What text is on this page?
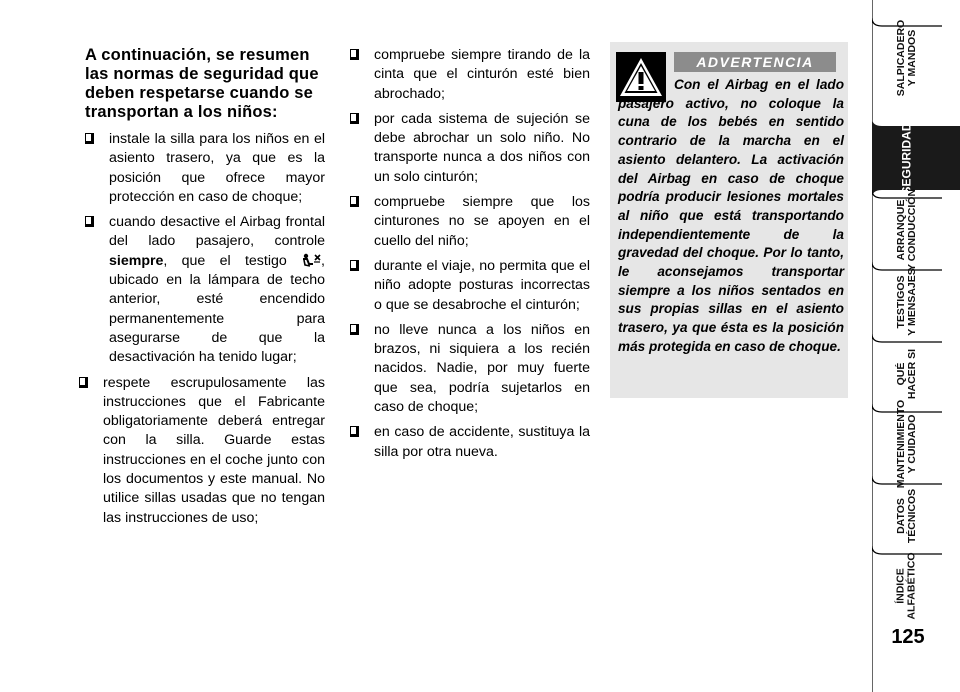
A continuación, se resumen
las normas de seguridad que
deben respetarse cuando se
transportan a los niños:
instale la silla para los niños en el asiento trasero, ya que es la posición que ofrece mayor protección en caso de choque;
cuando desactive el Airbag frontal del lado pasajero, controle siempre, que el testigo , ubicado en la lámpara de techo anterior, esté encendido permanentemente para asegurarse de que la desactivación ha tenido lugar;
respete escrupulosamente las instrucciones que el Fabricante obligatoriamente deberá entregar con la silla. Guarde estas instrucciones en el coche junto con los documentos y este manual. No utilice sillas usadas que no tengan las instrucciones de uso;
compruebe siempre tirando de la cinta que el cinturón esté bien abrochado;
por cada sistema de sujeción se debe abrochar un solo niño. No transporte nunca a dos niños con un solo cinturón;
compruebe siempre que los cinturones no se apoyen en el cuello del niño;
durante el viaje, no permita que el niño adopte posturas incorrectas o que se desabroche el cinturón;
no lleve nunca a los niños en brazos, ni siquiera a los recién nacidos. Nadie, por muy fuerte que sea, podría sujetarlos en caso de choque;
en caso de accidente, sustituya la silla por otra nueva.
ADVERTENCIA
Con el Airbag en el lado pasajero activo, no coloque la cuna de los bebés en sentido contrario de la marcha en el asiento delantero. La activación del Airbag en caso de choque podría producir lesiones mortales al niño que está transportando independientemente de la gravedad del choque. Por lo tanto, le aconsejamos transportar siempre a los niños sentados en sus propias sillas en el asiento trasero, ya que ésta es la posición más protegida en caso de choque.
SALPICADERO
Y MANDOS
SEGURIDAD
ARRANQUE
Y CONDUCCIÓN
TESTIGOS
Y MENSAJES
QUÉ
HACER SI
MANTENIMIENTO
Y CUIDADO
DATOS
TÉCNICOS
ÍNDICE
ALFABÉTICO
125
